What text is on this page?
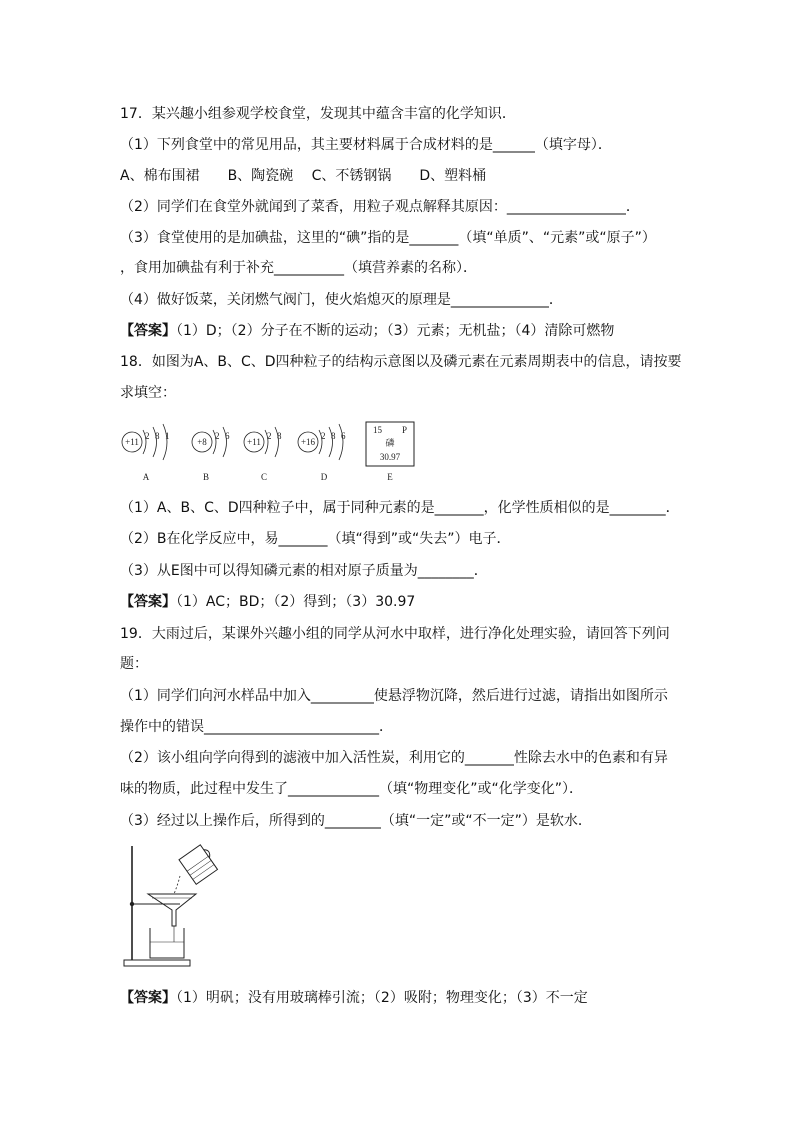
17．某兴趣小组参观学校食堂，发现其中蕴含丰富的化学知识．
（1）下列食堂中的常见用品，其主要材料属于合成材料的是______（填字母）．
A、棉布围裙　　B、陶瓷碗　 C、不锈钢锅　　D、塑料桶
（2）同学们在食堂外就闻到了菜香，用粒子观点解释其原因：_________________．
（3）食堂使用的是加碘盐，这里的“碘”指的是_______（填“单质”、“元素”或“原子”）
，食用加碘盐有利于补充__________（填营养素的名称）．
（4）做好饭菜，关闭燃气阀门，使火焰熄灭的原理是______________．
【答案】（1）D；（2）分子在不断的运动；（3）元素；无机盐；（4）清除可燃物
18．如图为A、B、C、D四种粒子的结构示意图以及磷元素在元素周期表中的信息，请按要
求填空：
+11
2 8 1
A
+8
2 6
B
+11
2 8
C
+16
2 8 6
D
15 P
磷
30.97
E
（1）A、B、C、D四种粒子中，属于同种元素的是_______，化学性质相似的是________．
（2）B在化学反应中，易_______（填“得到”或“失去”）电子．
（3）从E图中可以得知磷元素的相对原子质量为________．
【答案】（1）AC；BD；（2）得到；（3）30.97
19．大雨过后，某课外兴趣小组的同学从河水中取样，进行净化处理实验，请回答下列问
题：
（1）同学们向河水样品中加入_________使悬浮物沉降，然后进行过滤，请指出如图所示
操作中的错误_________________________．
（2）该小组向学向得到的滤液中加入活性炭，利用它的_______性除去水中的色素和有异
味的物质，此过程中发生了_____________（填“物理变化”或“化学变化”）．
（3）经过以上操作后，所得到的________（填“一定”或“不一定”）是软水．
【答案】（1）明矾；没有用玻璃棒引流；（2）吸附；物理变化；（3）不一定
